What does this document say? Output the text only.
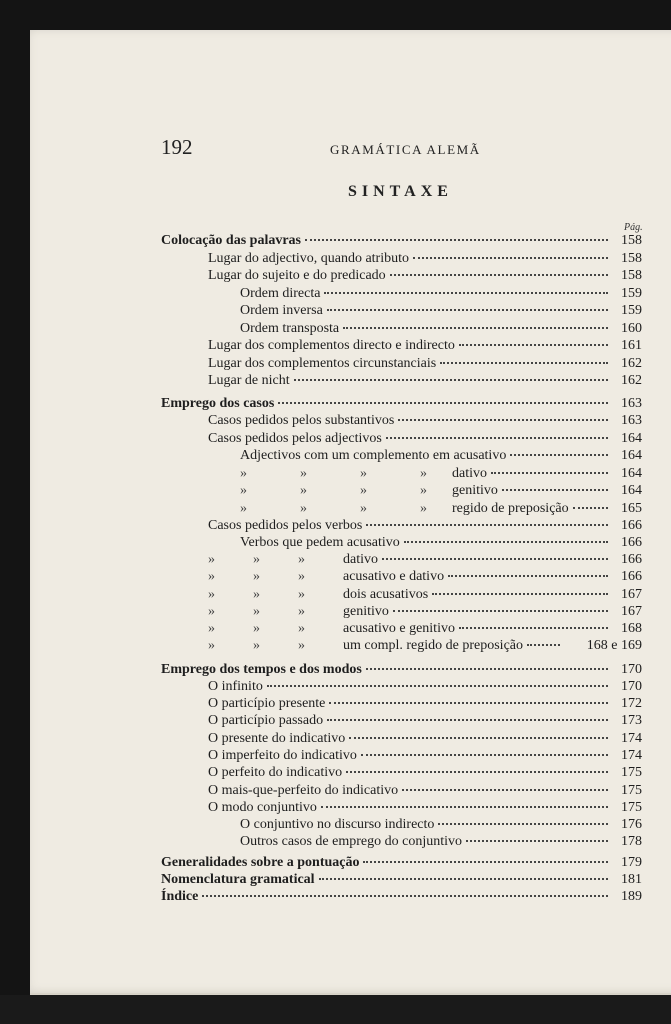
192	GRAMÁTICA ALEMÃ
SINTAXE
Pág.
Colocação das palavras	158
Lugar do adjectivo, quando atributo	158
Lugar do sujeito e do predicado	158
Ordem directa	159
Ordem inversa	159
Ordem transposta	160
Lugar dos complementos directo e indirecto	161
Lugar dos complementos circunstanciais	162
Lugar de nicht	162
Emprego dos casos	163
Casos pedidos pelos substantivos	163
Casos pedidos pelos adjectivos	164
Adjectivos com um complemento em acusativo	164
»	»	»	»	dativo	164
»	»	»	»	genitivo	164
»	»	»	»	regido de preposição	165
Casos pedidos pelos verbos	166
Verbos que pedem acusativo	166
»	»	»	dativo	166
»	»	»	acusativo e dativo	166
»	»	»	dois acusativos	167
»	»	»	genitivo	167
»	»	»	acusativo e genitivo	168
»	»	»	um compl. regido de preposição	168 e 169
Emprego dos tempos e dos modos	170
O infinito	170
O particípio presente	172
O particípio passado	173
O presente do indicativo	174
O imperfeito do indicativo	174
O perfeito do indicativo	175
O mais-que-perfeito do indicativo	175
O modo conjuntivo	175
O conjuntivo no discurso indirecto	176
Outros casos de emprego do conjuntivo	178
Generalidades sobre a pontuação	179
Nomenclatura gramatical	181
Índice	189
